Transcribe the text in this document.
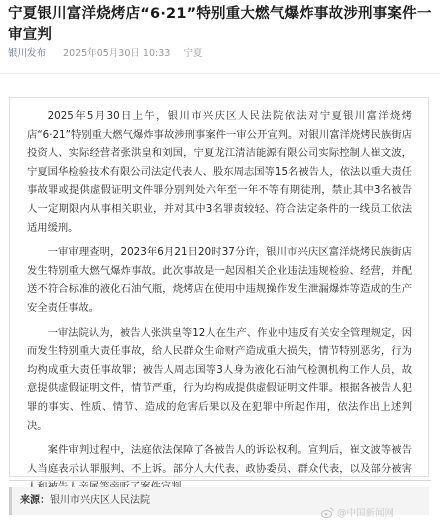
宁夏银川富洋烧烤店“6·21”特别重大燃气爆炸事故涉刑事案件一审宣判
银川发布 2025年05月30日 10:33 宁夏

2025年5月30日上午，银川市兴庆区人民法院依法对宁夏银川富洋烧烤店“6·21”特别重大燃气爆炸事故涉刑事案件一审公开宣判。对银川富洋烧烤民族街店投资人、实际经营者张洪皇和刘国，宁夏龙江清洁能源有限公司实际控制人崔文波，宁夏国华检验技术有限公司法定代表人、股东周志国等15名被告人，依法以重大责任事故罪或提供虚假证明文件罪分别判处六年至一年不等有期徒刑，禁止其中3名被告人一定期限内从事相关职业，并对其中3名罪责较轻、符合法定条件的一线员工依法适用缓刑。

一审审理查明，2023年6月21日20时37分许，银川市兴庆区富洋烧烤民族街店发生特别重大燃气爆炸事故。此次事故是一起因相关企业违法违规检验、经营，并配送不符合标准的液化石油气瓶，烧烤店在使用中违规操作发生泄漏爆炸等造成的生产安全责任事故。

一审法院认为，被告人张洪皇等12人在生产、作业中违反有关安全管理规定，因而发生特别重大责任事故，给人民群众生命财产造成重大损失，情节特别恶劣，行为均构成重大责任事故罪；被告人周志国等3人身为液化石油气检测机构工作人员，故意提供虚假证明文件，情节严重，行为均构成提供虚假证明文件罪。根据各被告人犯罪的事实、性质、情节、造成的危害后果以及在犯罪中所起作用，依法作出上述判决。

案件审判过程中，法庭依法保障了各被告人的诉讼权利。宣判后，崔文波等被告人当庭表示认罪服判、不上诉。部分人大代表、政协委员、群众代表，以及部分被害

来源：银川市兴庆区人民法院
@中国新闻网
